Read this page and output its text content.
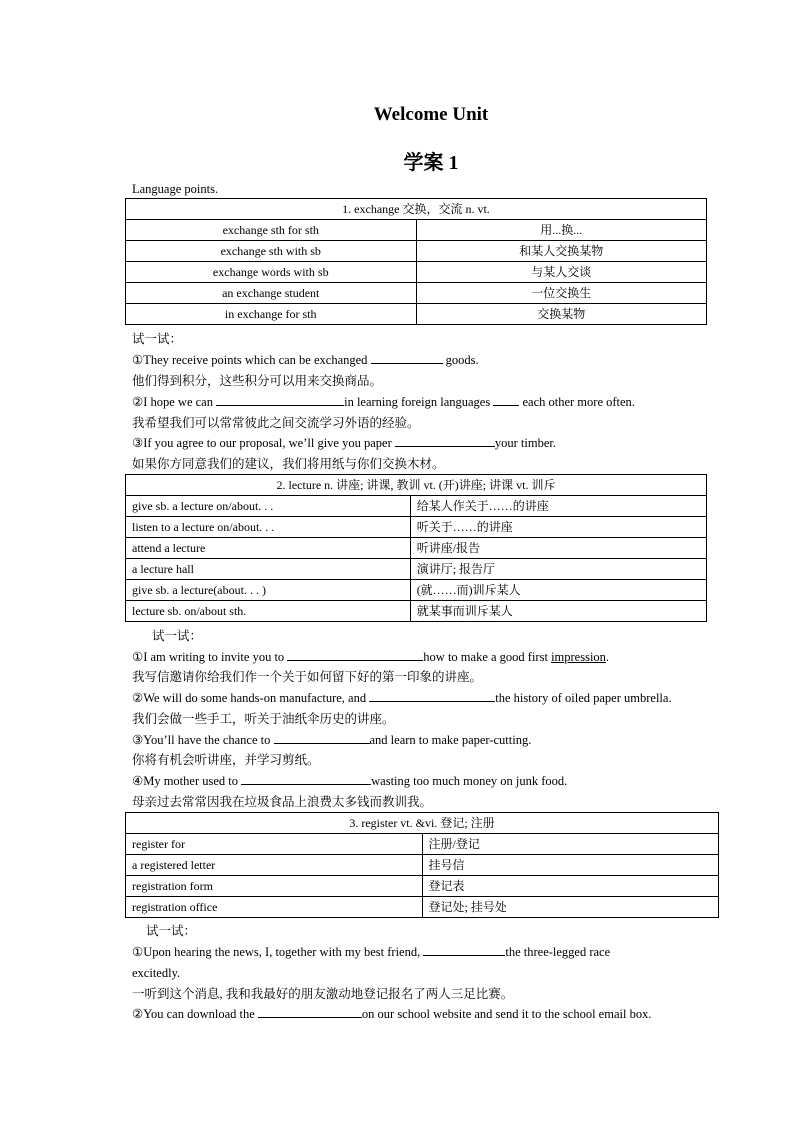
Welcome Unit
学案 1
Language points.
1. exchange 交换，交流 n. vt.	
exchange sth for sth	用...换...
exchange sth with sb	和某人交换某物
exchange words with sb	与某人交谈
an exchange student	一位交换生
in exchange for sth	交换某物
试一试：
①They receive points which can be exchanged	goods.
他们得到积分，这些积分可以用来交换商品。
②I hope we can	in learning foreign languages	each other more often.
我希望我们可以常常彼此之间交流学习外语的经验。
③If you agree to our proposal, we’ll give you paper	your timber.
如果你方同意我们的建议，我们将用纸与你们交换木材。
2. lecture n. 讲座; 讲课, 教训 vt. (开)讲座; 讲课 vt. 训斥	
give sb. a lecture on/about. . .	给某人作关于……的讲座
listen to a lecture on/about. . .	听关于……的讲座
attend a lecture	听讲座/报告
a lecture hall	演讲厅; 报告厅
give sb. a lecture(about. . . )	(就……而)训斥某人
lecture sb. on/about sth.	就某事而训斥某人
试一试：
①I am writing to invite you to	how to make a good first impression.
我写信邀请你给我们作一个关于如何留下好的第一印象的讲座。
②We will do some hands-on manufacture, and	the history of oiled paper umbrella.
我们会做一些手工，听关于油纸伞历史的讲座。
③You’ll have the chance to	and learn to make paper-cutting.
你将有机会听讲座，并学习剪纸。
④My mother used to	wasting too much money on junk food.
母亲过去常常因我在垃圾食品上浪费太多钱而教训我。
3. register vt. &vi. 登记; 注册	
register for	注册/登记
a registered letter	挂号信
registration form	登记表
registration office	登记处; 挂号处
试一试：
①Upon hearing the news, I, together with my best friend,	the three-legged race
excitedly.
一听到这个消息, 我和我最好的朋友激动地登记报名了两人三足比赛。
②You can download the	on our school website and send it to the school email box.
